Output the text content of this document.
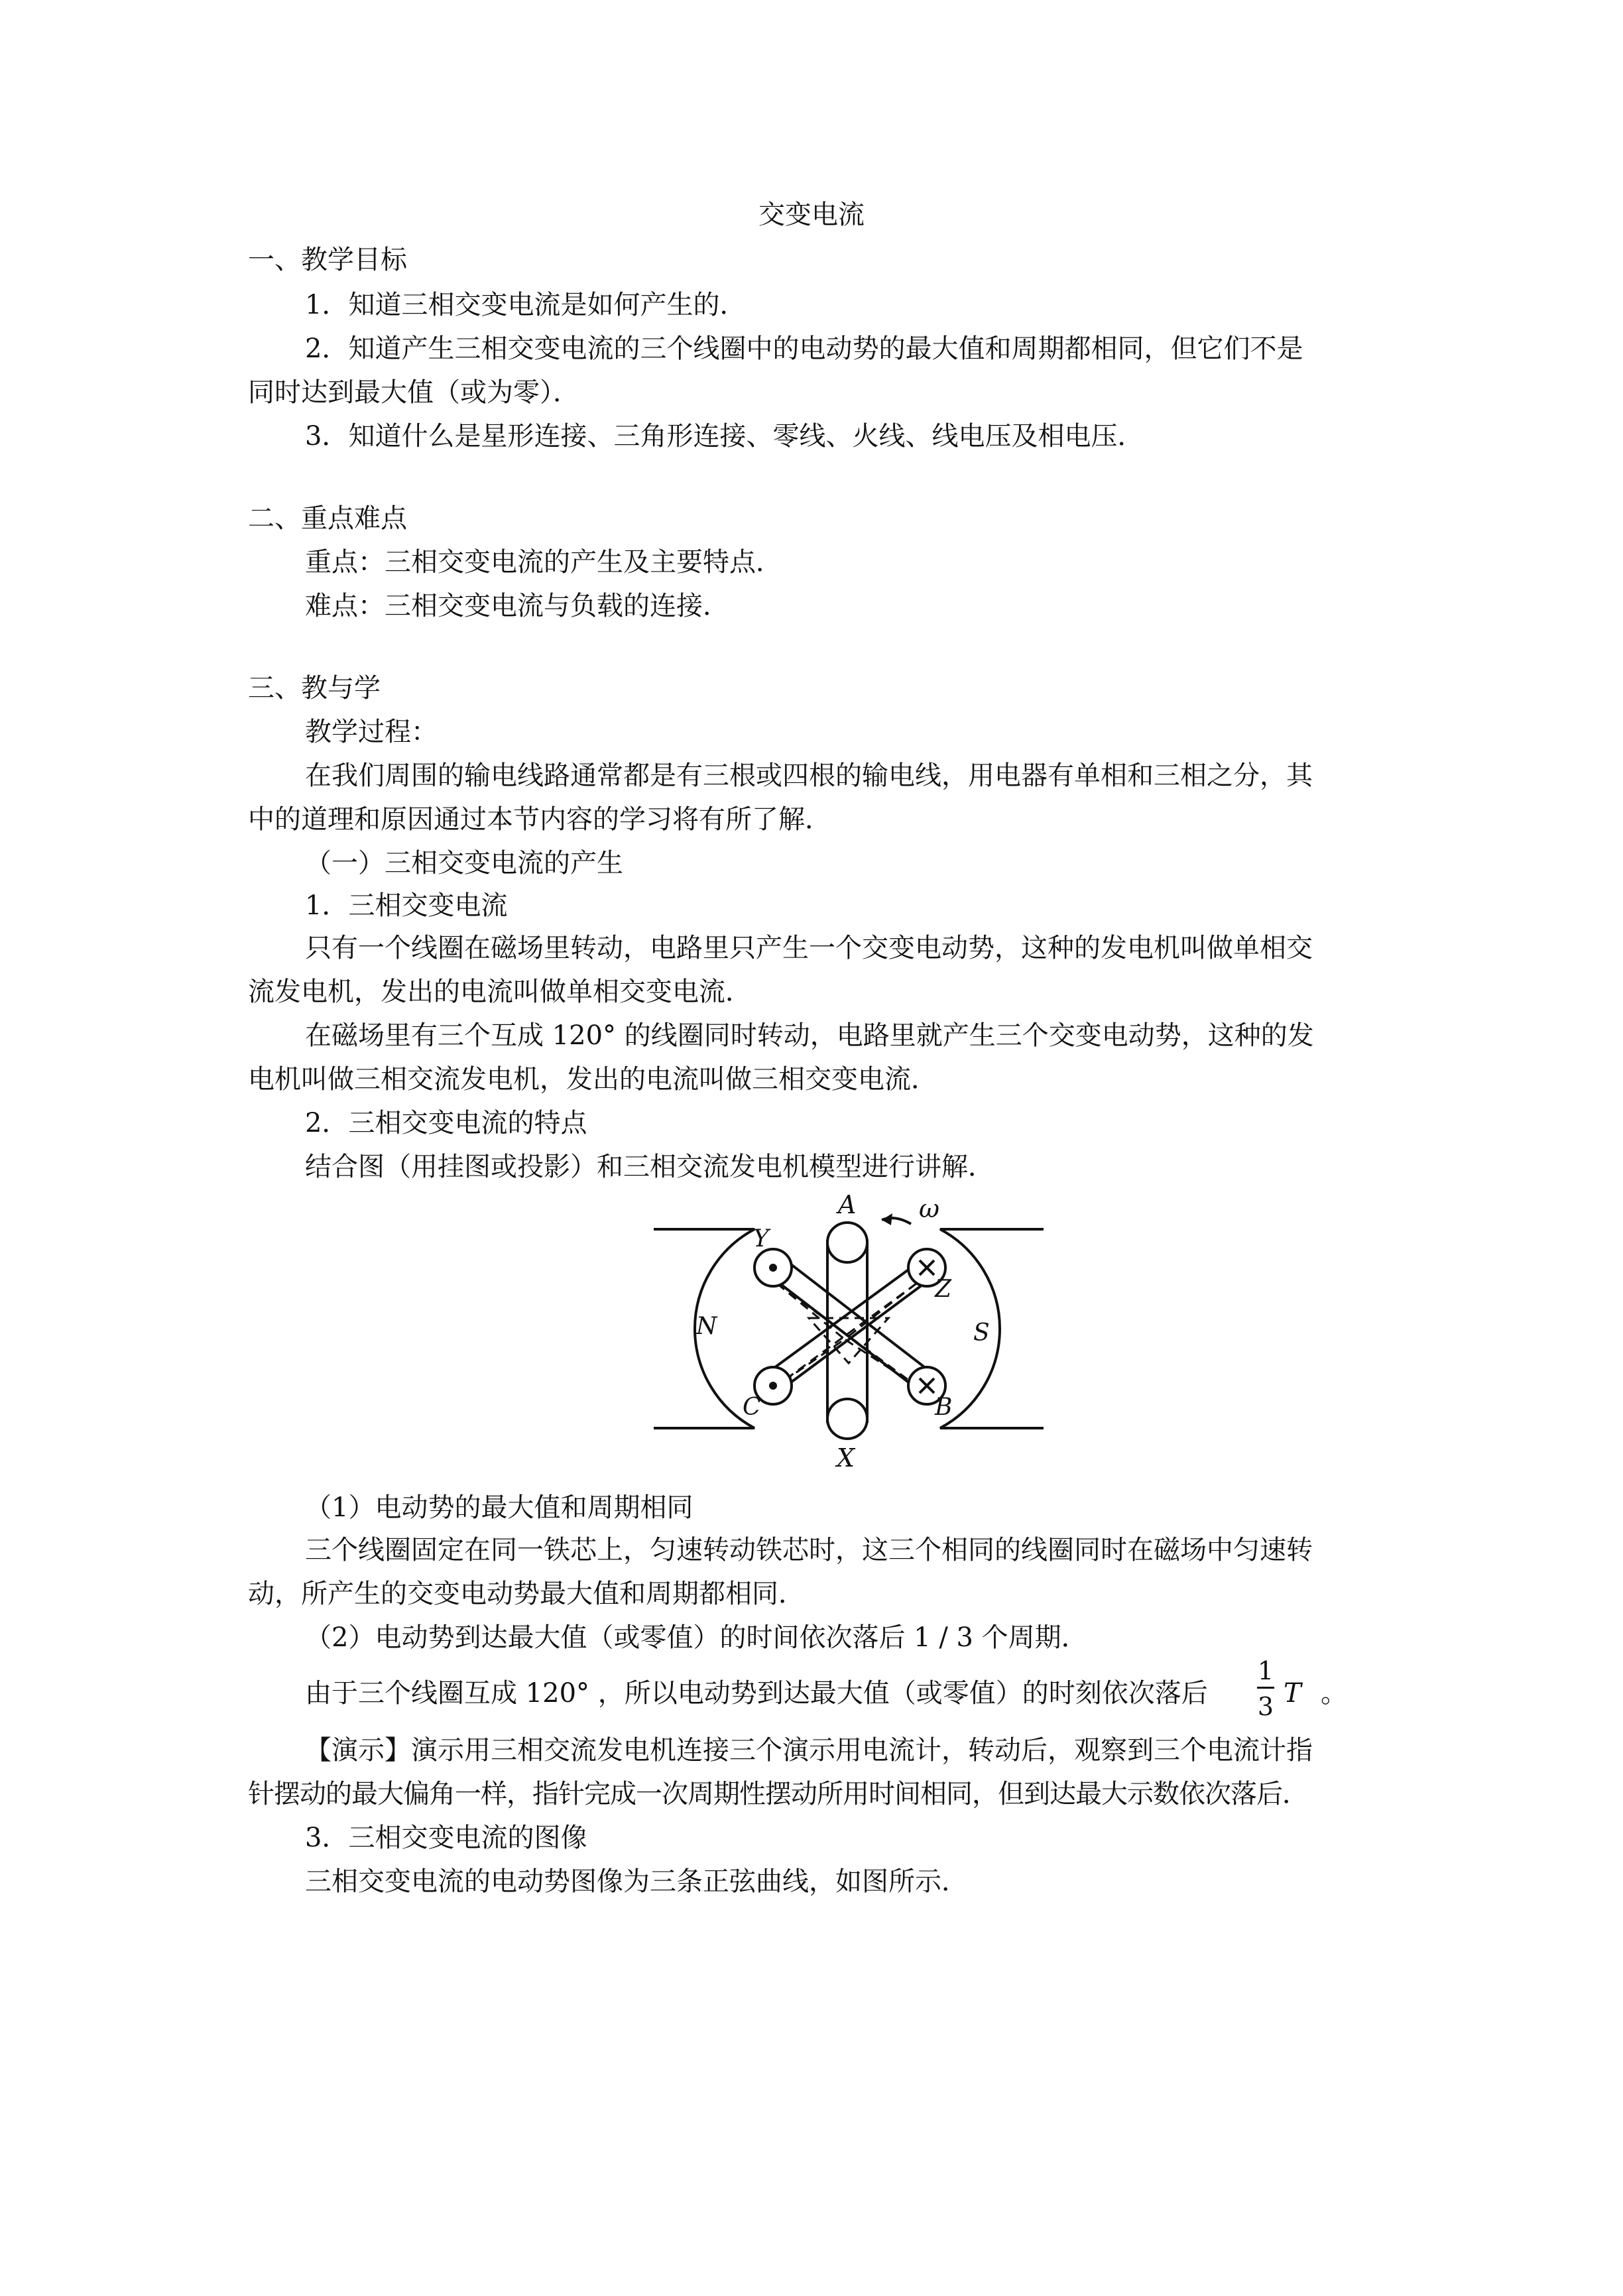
交变电流
一、教学目标
1．知道三相交变电流是如何产生的．
2．知道产生三相交变电流的三个线圈中的电动势的最大值和周期都相同，但它们不是
同时达到最大值（或为零）．
3．知道什么是星形连接、三角形连接、零线、火线、线电压及相电压．
二、重点难点
重点：三相交变电流的产生及主要特点．
难点：三相交变电流与负载的连接．
三、教与学
教学过程：
在我们周围的输电线路通常都是有三根或四根的输电线，用电器有单相和三相之分，其
中的道理和原因通过本节内容的学习将有所了解．
（一）三相交变电流的产生
1．三相交变电流
只有一个线圈在磁场里转动，电路里只产生一个交变电动势，这种的发电机叫做单相交
流发电机，发出的电流叫做单相交变电流．
在磁场里有三个互成 120° 的线圈同时转动，电路里就产生三个交变电动势，这种的发
电机叫做三相交流发电机，发出的电流叫做三相交变电流．
2．三相交变电流的特点
结合图（用挂图或投影）和三相交流发电机模型进行讲解．
A
X
Y
Z
B
C
N	S
ω
（1）电动势的最大值和周期相同
三个线圈固定在同一铁芯上，匀速转动铁芯时，这三个相同的线圈同时在磁场中匀速转
动，所产生的交变电动势最大值和周期都相同．
（2）电动势到达最大值（或零值）的时间依次落后 1 / 3 个周期．
由于三个线圈互成 120° ，所以电动势到达最大值（或零值）的时刻依次落后
1
3 T 。
【演示】演示用三相交流发电机连接三个演示用电流计，转动后，观察到三个电流计指
针摆动的最大偏角一样，指针完成一次周期性摆动所用时间相同，但到达最大示数依次落后．
3．三相交变电流的图像
三相交变电流的电动势图像为三条正弦曲线，如图所示．
